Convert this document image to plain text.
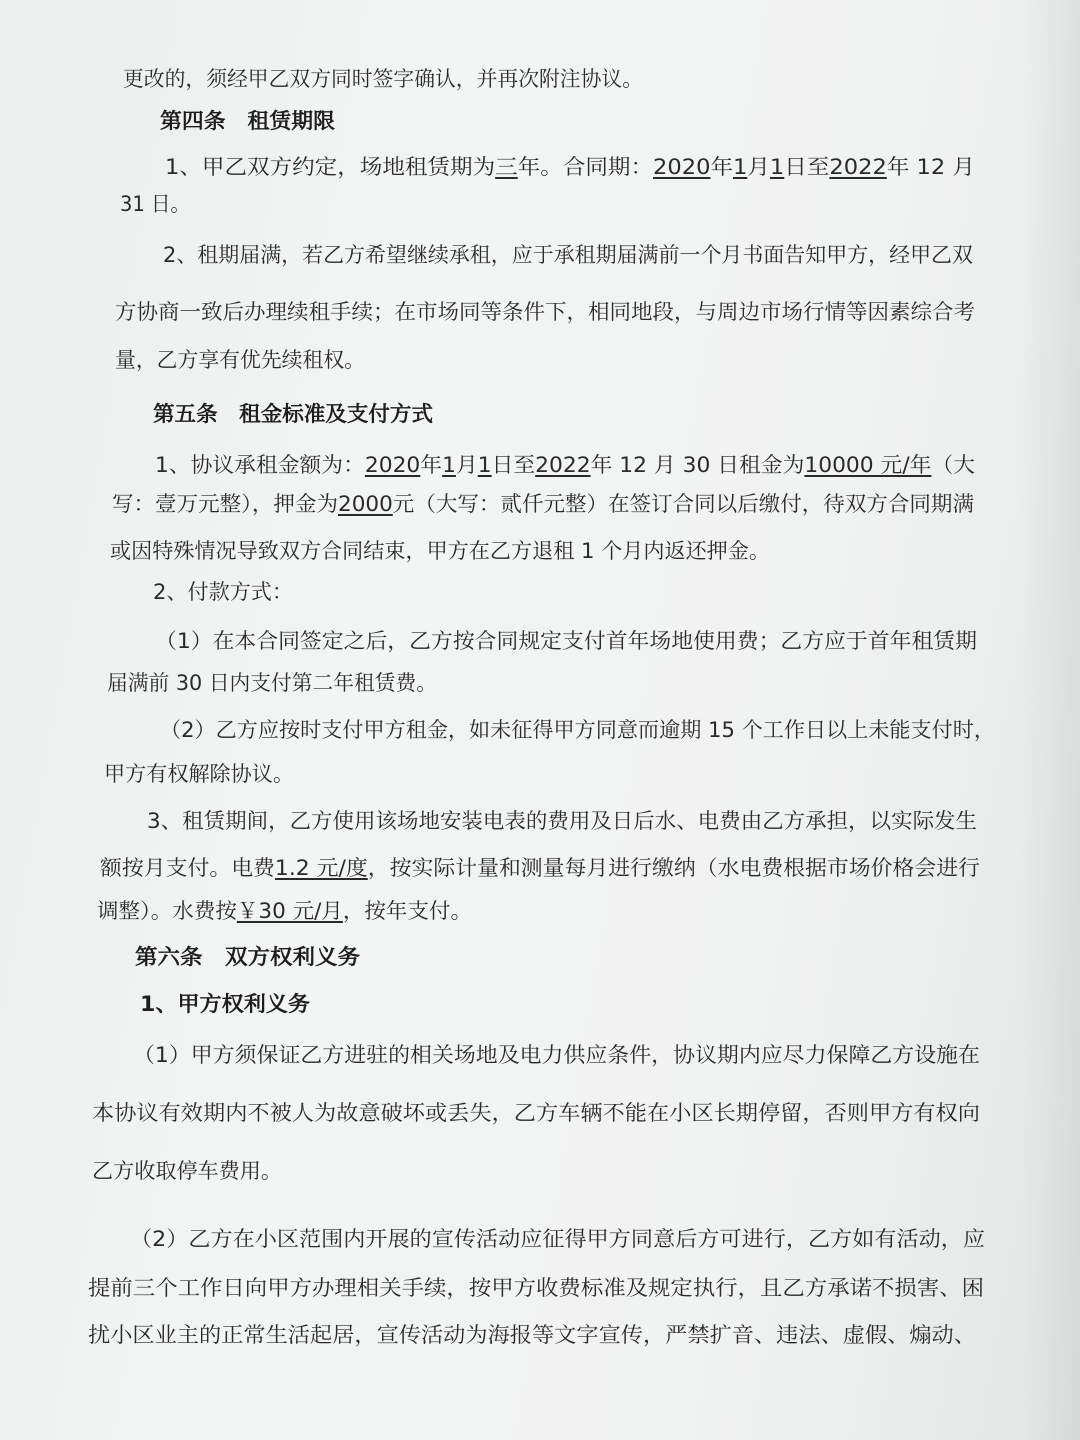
更改的，须经甲乙双方同时签字确认，并再次附注协议。

第四条　租赁期限

1、甲乙双方约定，场地租赁期为三年。合同期：2020年1月1日至2022年 12 月

31 日。

2、租期届满，若乙方希望继续承租，应于承租期届满前一个月书面告知甲方，经甲乙双

方协商一致后办理续租手续；在市场同等条件下，相同地段，与周边市场行情等因素综合考

量，乙方享有优先续租权。

第五条　租金标准及支付方式

1、协议承租金额为：2020年1月1日至2022年 12 月 30 日租金为10000 元/年（大

写：壹万元整），押金为2000元（大写：贰仟元整）在签订合同以后缴付，待双方合同期满

或因特殊情况导致双方合同结束，甲方在乙方退租 1 个月内返还押金。

2、付款方式：

（1）在本合同签定之后，乙方按合同规定支付首年场地使用费；乙方应于首年租赁期

届满前 30 日内支付第二年租赁费。

（2）乙方应按时支付甲方租金，如未征得甲方同意而逾期 15 个工作日以上未能支付时，

甲方有权解除协议。

3、租赁期间，乙方使用该场地安装电表的费用及日后水、电费由乙方承担，以实际发生

额按月支付。电费1.2 元/度，按实际计量和测量每月进行缴纳（水电费根据市场价格会进行

调整）。水费按￥30 元/月，按年支付。

第六条　双方权利义务

1、甲方权利义务

（1）甲方须保证乙方进驻的相关场地及电力供应条件，协议期内应尽力保障乙方设施在

本协议有效期内不被人为故意破坏或丢失，乙方车辆不能在小区长期停留，否则甲方有权向

乙方收取停车费用。

（2）乙方在小区范围内开展的宣传活动应征得甲方同意后方可进行，乙方如有活动，应

提前三个工作日向甲方办理相关手续，按甲方收费标准及规定执行，且乙方承诺不损害、困

扰小区业主的正常生活起居，宣传活动为海报等文字宣传，严禁扩音、违法、虚假、煽动、
